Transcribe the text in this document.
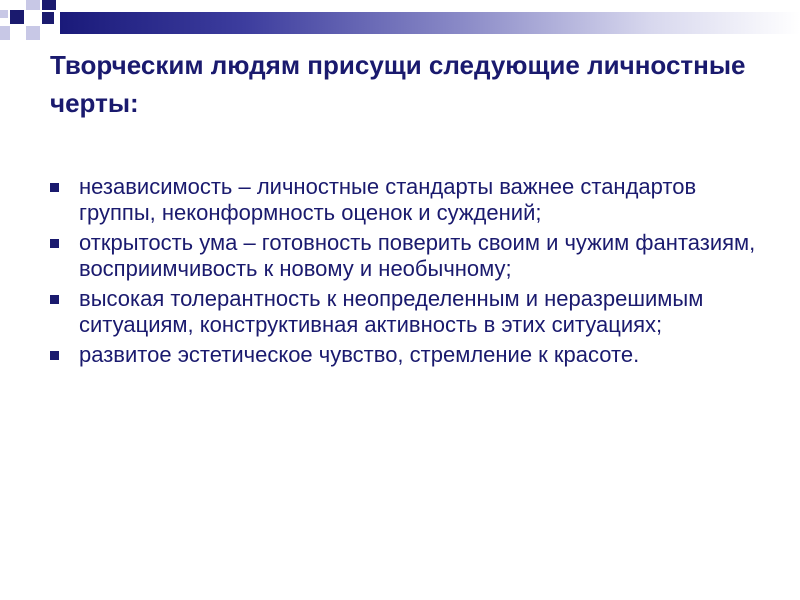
Творческим людям присущи следующие личностные черты:
независимость – личностные стандарты важнее стандартов группы, неконформность оценок и суждений;
открытость ума – готовность поверить своим и чужим фантазиям, восприимчивость к новому и необычному;
высокая толерантность к неопределенным и неразрешимым ситуациям, конструктивная активность в этих ситуациях;
развитое эстетическое чувство, стремление к красоте.
